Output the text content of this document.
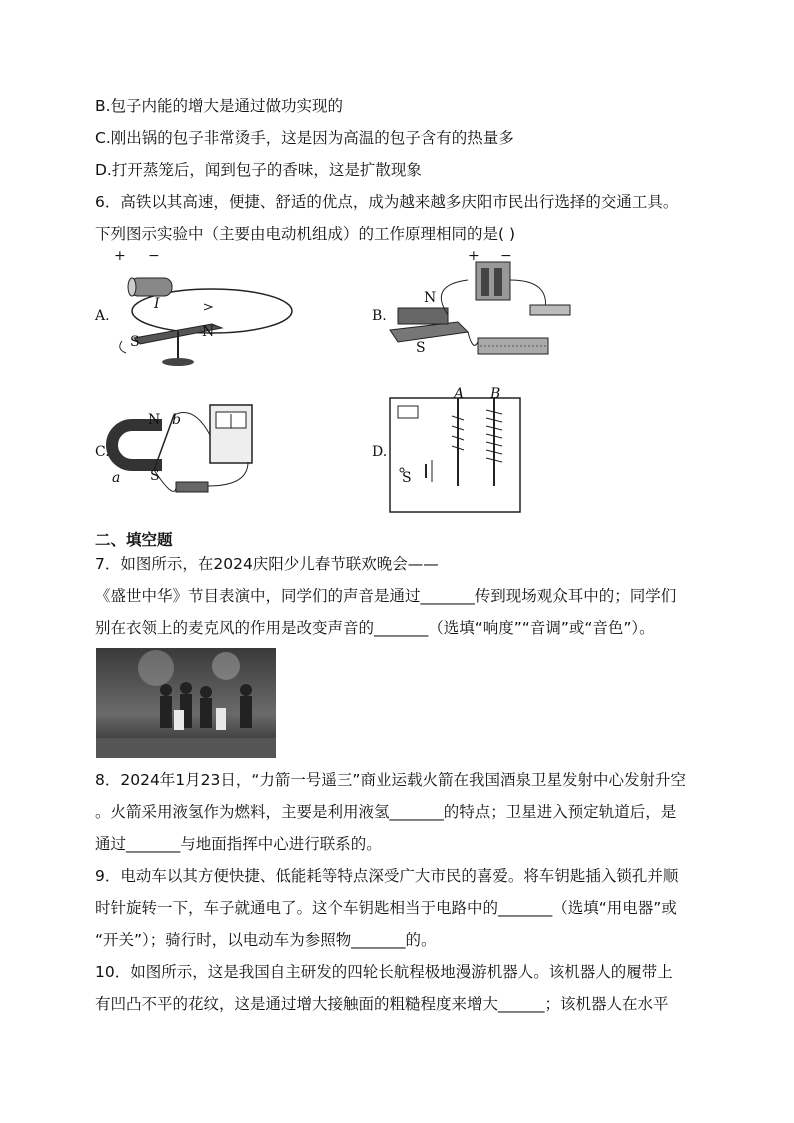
B.包子内能的增大是通过做功实现的
C.刚出锅的包子非常烫手，这是因为高温的包子含有的热量多
D.打开蒸笼后，闻到包子的香味，这是扩散现象
6．高铁以其高速，便捷、舒适的优点，成为越来越多庆阳市民出行选择的交通工具。
下列图示实验中（主要由电动机组成）的工作原理相同的是( )
A.
+ −
I
N
S
B.
N
S
+ −
C.
N b
S
a
D.
S
A B
二、填空题
7．如图所示，在2024庆阳少儿春节联欢晚会——
《盛世中华》节目表演中，同学们的声音是通过_______传到现场观众耳中的；同学们
别在衣领上的麦克风的作用是改变声音的_______（选填“响度”“音调”或“音色”）。
8．2024年1月23日，“力箭一号遥三”商业运载火箭在我国酒泉卫星发射中心发射升空
。火箭采用液氢作为燃料，主要是利用液氢_______的特点；卫星进入预定轨道后，是
通过_______与地面指挥中心进行联系的。
9．电动车以其方便快捷、低能耗等特点深受广大市民的喜爱。将车钥匙插入锁孔并顺
时针旋转一下，车子就通电了。这个车钥匙相当于电路中的_______（选填“用电器”或
“开关”）；骑行时，以电动车为参照物_______的。
10．如图所示，这是我国自主研发的四轮长航程极地漫游机器人。该机器人的履带上
有凹凸不平的花纹，这是通过增大接触面的粗糙程度来增大______；该机器人在水平
